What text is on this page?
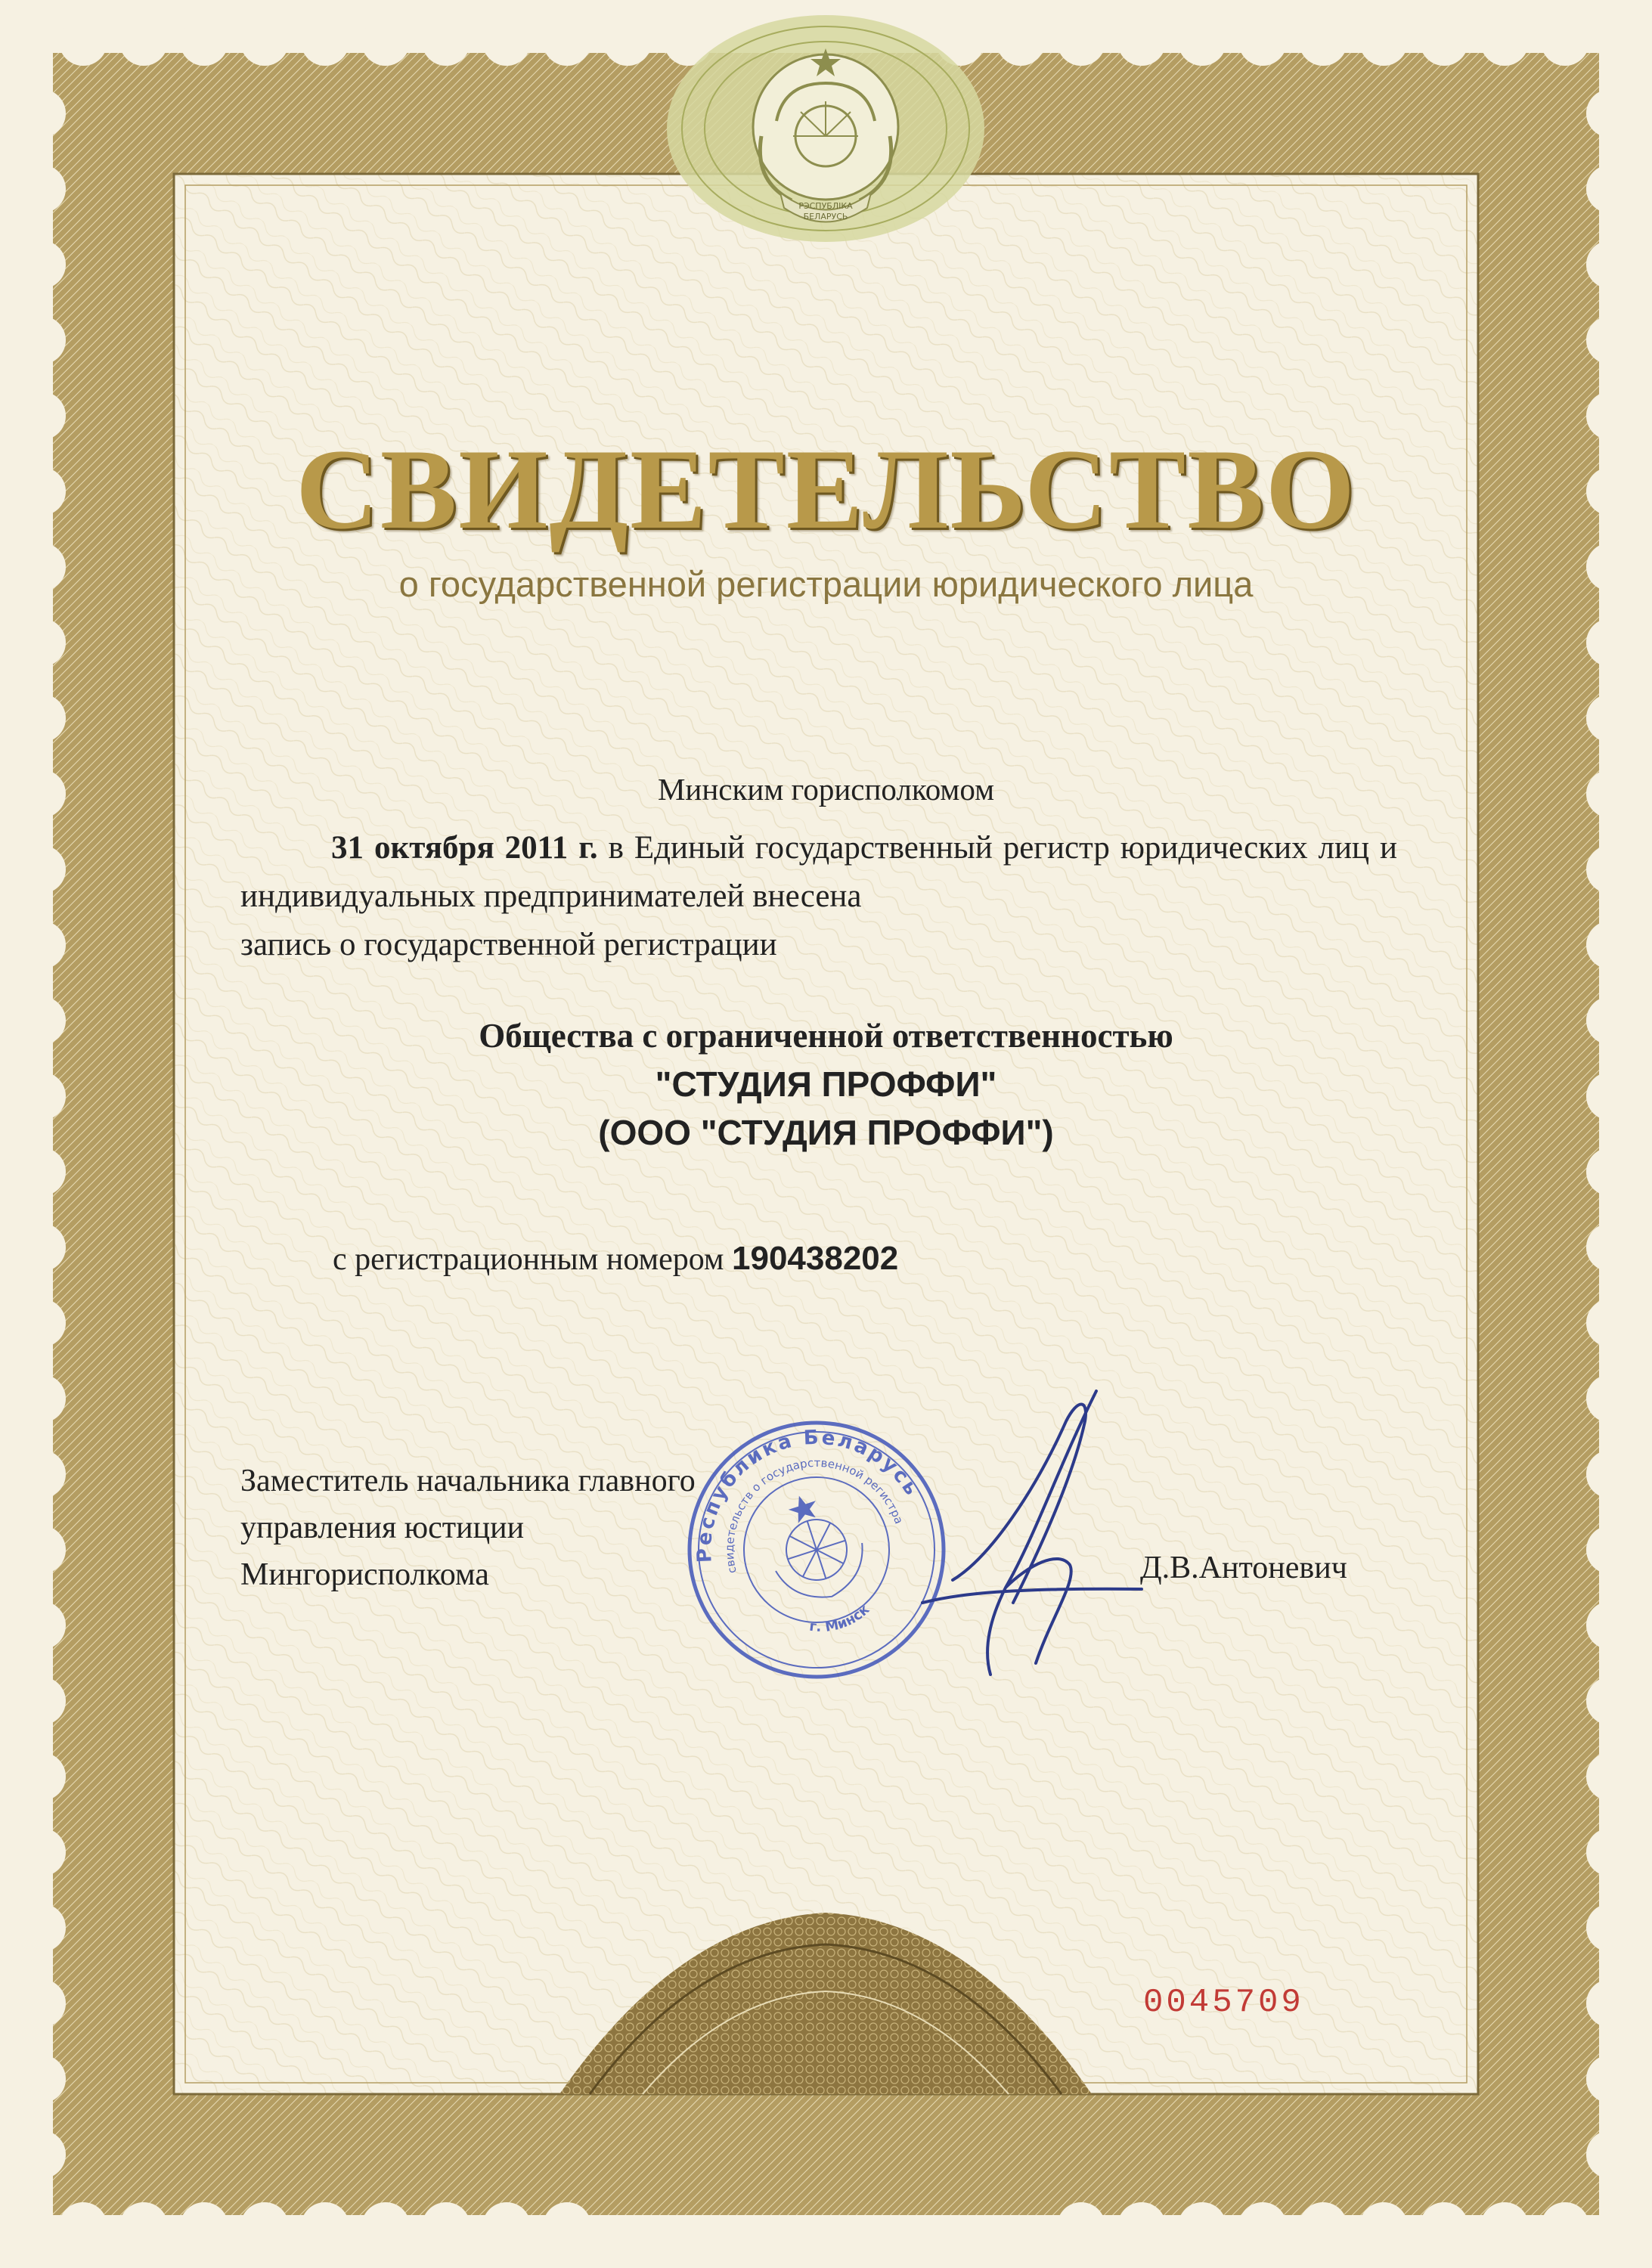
РЭСПУБЛІКА
БЕЛАРУСЬ
СВИДЕТЕЛЬСТВО
о государственной регистрации юридического лица
Минским горисполкомом
31 октября 2011 г. в Единый государственный регистр юридических лиц и индивидуальных предпринимателей внесена
запись о государственной регистрации
Общества с ограниченной ответственностью
"СТУДИЯ ПРОФФИ"
(ООО "СТУДИЯ ПРОФФИ")
с регистрационным номером 190438202
Заместитель начальника главного
управления юстиции
Мингорисполкома
Республика Беларусь
свидетельств о государственной регистрации
г. Минск
Д.В.Антоневич
0045709
